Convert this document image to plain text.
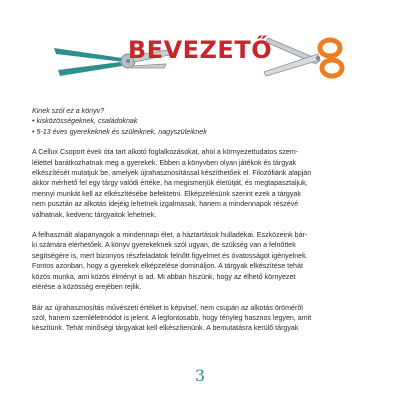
BEVEZETŐ

Kinek szól ez a könyv?

• kisközösségeknek, családoknak

• 5-13 éves gyerekeknek és szüleiknek, nagyszüleiknek

A Cellux Csoport évek óta tart alkotó foglalkozásokat, ahol a környezettudatos szem-

lélettel barátkozhatnak meg a gyerekek. Ebben a könyvben olyan játékok és tárgyak

elkészítését mutatjuk be, amelyek újrahasznosítással készíthetőek el. Filozófiánk alapján

akkor mérhető fel egy tárgy valódi értéke, ha megismerjük életútját, és megtapasztaljuk,

mennyi munkát kell az elkészítésébe befektetni. Elképzelésünk szerint ezek a tárgyak

nem pusztán az alkotás idejéig lehetnek izgalmasak, hanem a mindennapok részévé

válhatnak, kedvenc tárgyaitok lehetnek.

A felhasznált alapanyagok a mindennapi élet, a háztartások hulladékai. Eszközeink bár-

ki számára elérhetőek. A könyv gyerekeknek szól ugyan, de szükség van a felnőttek

segítségére is, mert bizonyos részfeladatok felnőtt figyelmet és óvatosságot igényelnek.

Fontos azonban, hogy a gyerekek elképzelése domináljon. A tárgyak elkészítése tehát

közös munka, ami közös élményt is ad. Mi abban hiszünk, hogy az élhető környezet

elérése a közösség erejében rejlik.

Bár az újrahasznosítás művészeti értéket is képvisel, nem csupán az alkotás örömérõl

szól, hanem szemléletmódot is jelent. A legfontosabb, hogy tényleg hasznos legyen, amit

készítünk. Tehát minőségi tárgyakat kell elkészítenünk. A bemutatásra kerülő tárgyak

3
